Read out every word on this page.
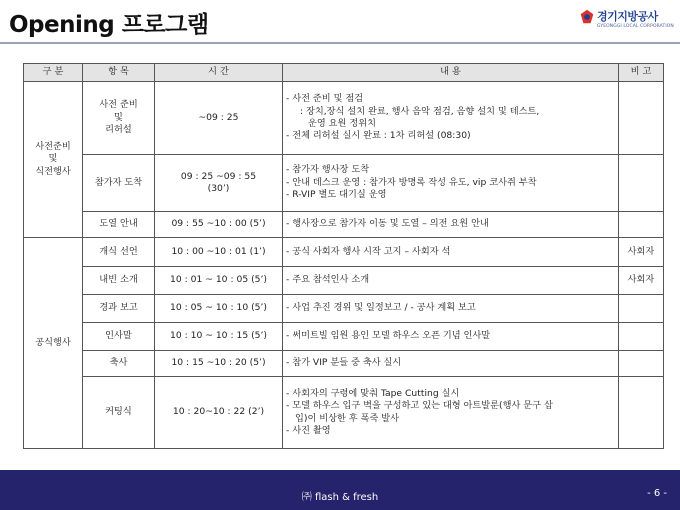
Opening 프로그램	경기지방공사
GYEONGGI LOCAL CORPORATION
구 분	항 목	시 간	내 용	비 고

사전준비
및
식전행사	사전 준비
및
리허설	~09 : 25	- 사전 준비 및 점검
: 장치,장식 설치 완료, 행사 음악 점검, 음향 설치 및 테스트,
운영 요원 정위치
- 전체 리허설 실시 완료 : 1차 리허설 (08:30)	

	참가자 도착	09 : 25 ~09 : 55
(30’)	- 참가자 행사장 도착
- 안내 데스크 운영 : 참가자 방명록 작성 유도, vip 코사쥐 부착
- R-VIP 별도 대기실 운영	

	도열 안내	09 : 55 ~10 : 00 (5’)	- 행사장으로 참가자 이동 및 도열 – 의전 요원 안내	

공식행사	개식 선언	10 : 00 ~10 : 01 (1’)	- 공식 사회자 행사 시작 고지 – 사회자 석	사회자

	내빈 소개	10 : 01 ~ 10 : 05 (5’)	- 주요 참석인사 소개	사회자

	경과 보고	10 : 05 ~ 10 : 10 (5’)	- 사업 추진 경위 및 일정보고 / - 공사 계획 보고	

	인사말	10 : 10 ~ 10 : 15 (5’)	- 써미트빌 임원 용인 모델 하우스 오픈 기념 인사말	

	축사	10 : 15 ~10 : 20 (5’)	- 참가 VIP 분들 중 축사 실시	

	커팅식	10 : 20~10 : 22 (2’)	- 사회자의 구령에 맞춰 Tape Cutting 실시
- 모델 하우스 입구 벽을 구성하고 있는 대형 아트발룬(행사 문구 삽
입)이 비상한 후 폭죽 발사
- 사진 촬영	

㈜ flash & fresh	- 6 -
